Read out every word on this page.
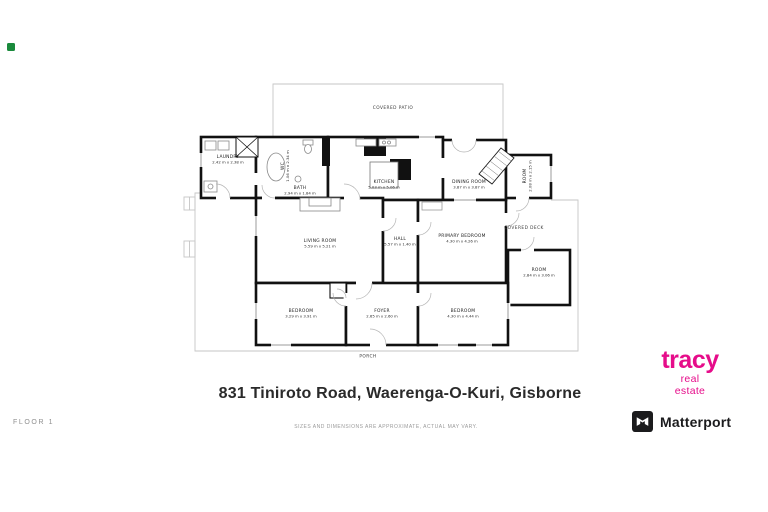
COVERED PATIO
COVERED DECK
PORCH
LAUNDRY
2.42 m x 2.38 m
WC 1.06 m x 2.34 m
BATH
2.94 m x 1.84 m
KITCHEN
5.03 m x 5.06 m
DINING ROOM
3.87 m x 3.87 m
ROOM 2.08 m x 2.15 m
LIVING ROOM
5.59 m x 5.21 m
HALL
5.57 m x 1.40 m
PRIMARY BEDROOM
4.30 m x 4.26 m
ROOM
2.84 m x 3.06 m
BEDROOM
3.29 m x 3.91 m
FOYER
2.65 m x 2.60 m
BEDROOM
4.30 m x 4.44 m
831 Tiniroto Road, Waerenga-O-Kuri, Gisborne
tracy
real
estate
Matterport
FLOOR 1
SIZES AND DIMENSIONS ARE APPROXIMATE, ACTUAL MAY VARY.
